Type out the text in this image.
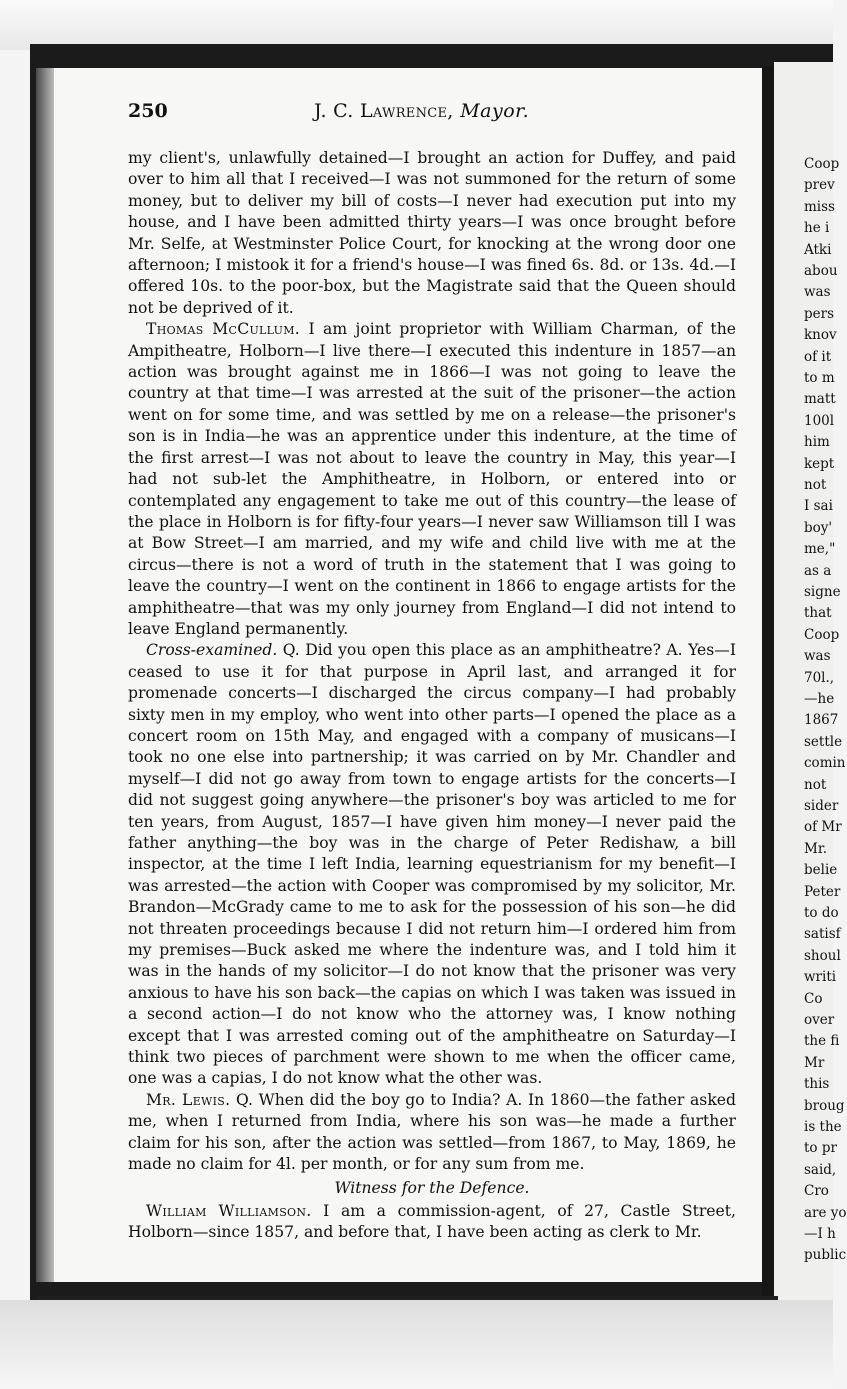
Coop
prev
miss
he i
Atki
abou
was
pers
knov
of it
to m
matt
100l
him
kept
not
I sai
boy'
me,"
as a
signe
that
Coop
was
70l.,
—he
1867
settle
comin
not
sider
of Mr
Mr.
belie
Peter
to do
satisf
shoul
writi
Co
over
the fi
Mr
this
broug
is the
to pr
said,
Cro
are yo
—I h
public
250	J. C. Lawrence, Mayor.

my client's, unlawfully detained—I brought an action for Duffey, and paid over to him all that I received—I was not summoned for the return of some money, but to deliver my bill of costs—I never had execution put into my house, and I have been admitted thirty years—I was once brought before Mr. Selfe, at Westminster Police Court, for knocking at the wrong door one afternoon; I mistook it for a friend's house—I was fined 6s. 8d. or 13s. 4d.—I offered 10s. to the poor-box, but the Magistrate said that the Queen should not be deprived of it.

Thomas McCullum. I am joint proprietor with William Charman, of the Ampitheatre, Holborn—I live there—I executed this indenture in 1857—an action was brought against me in 1866—I was not going to leave the country at that time—I was arrested at the suit of the prisoner—the action went on for some time, and was settled by me on a release—the prisoner's son is in India—he was an apprentice under this indenture, at the time of the first arrest—I was not about to leave the country in May, this year—I had not sub-let the Amphitheatre, in Holborn, or entered into or contemplated any engagement to take me out of this country—the lease of the place in Holborn is for fifty-four years—I never saw Williamson till I was at Bow Street—I am married, and my wife and child live with me at the circus—there is not a word of truth in the statement that I was going to leave the country—I went on the continent in 1866 to engage artists for the amphitheatre—that was my only journey from England—I did not intend to leave England permanently.

Cross-examined. Q. Did you open this place as an amphitheatre? A. Yes—I ceased to use it for that purpose in April last, and arranged it for promenade concerts—I discharged the circus company—I had probably sixty men in my employ, who went into other parts—I opened the place as a concert room on 15th May, and engaged with a company of musicans—I took no one else into partnership; it was carried on by Mr. Chandler and myself—I did not go away from town to engage artists for the concerts—I did not suggest going anywhere—the prisoner's boy was articled to me for ten years, from August, 1857—I have given him money—I never paid the father anything—the boy was in the charge of Peter Redishaw, a bill inspector, at the time I left India, learning equestrianism for my benefit—I was arrested—the action with Cooper was compromised by my solicitor, Mr. Brandon—McGrady came to me to ask for the possession of his son—he did not threaten proceedings because I did not return him—I ordered him from my premises—Buck asked me where the indenture was, and I told him it was in the hands of my solicitor—I do not know that the prisoner was very anxious to have his son back—the capias on which I was taken was issued in a second action—I do not know who the attorney was, I know nothing except that I was arrested coming out of the amphitheatre on Saturday—I think two pieces of parchment were shown to me when the officer came, one was a capias, I do not know what the other was.

Mr. Lewis. Q. When did the boy go to India? A. In 1860—the father asked me, when I returned from India, where his son was—he made a further claim for his son, after the action was settled—from 1867, to May, 1869, he made no claim for 4l. per month, or for any sum from me.

Witness for the Defence.

William Williamson. I am a commission-agent, of 27, Castle Street, Holborn—since 1857, and before that, I have been acting as clerk to Mr.
